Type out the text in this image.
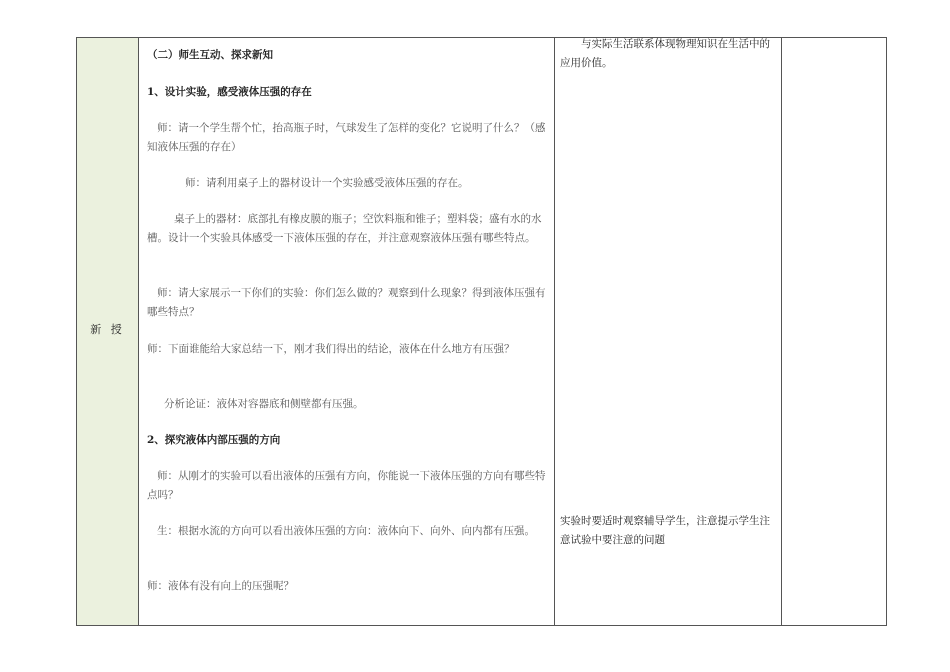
新 授
（二）师生互动、探求新知
1、设计实验，感受液体压强的存在
师：请一个学生帮个忙，抬高瓶子时，气球发生了怎样的变化？它说明了什么？（感知液体压强的存在）
师：请利用桌子上的器材设计一个实验感受液体压强的存在。
桌子上的器材：底部扎有橡皮膜的瓶子；空饮料瓶和锥子；塑料袋；盛有水的水槽。设计一个实验具体感受一下液体压强的存在，并注意观察液体压强有哪些特点。
师：请大家展示一下你们的实验：你们怎么做的？观察到什么现象？得到液体压强有哪些特点？
师：下面谁能给大家总结一下，刚才我们得出的结论，液体在什么地方有压强？
分析论证：液体对容器底和侧壁都有压强。
2、探究液体内部压强的方向
师：从刚才的实验可以看出液体的压强有方向，你能说一下液体压强的方向有哪些特点吗？
生：根据水流的方向可以看出液体压强的方向：液体向下、向外、向内都有压强。
师：液体有没有向上的压强呢？
与实际生活联系体现物理知识在生活中的应用价值。
实验时要适时观察辅导学生，注意提示学生注意试验中要注意的问题
